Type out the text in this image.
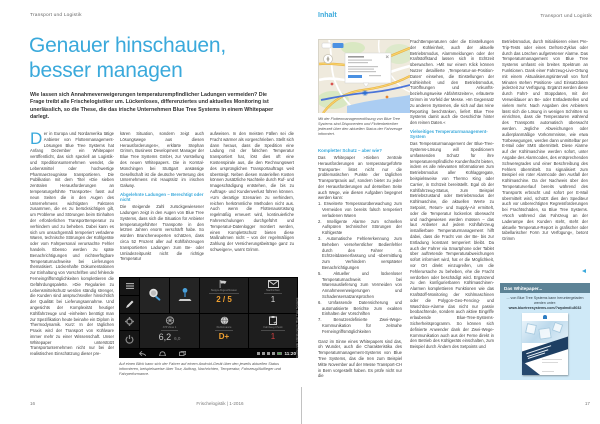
Transport und Logistik
Genauer hinschauen,
besser managen
Wie lassen sich Annahmeverweigerungen temperaturempfindlicher Ladungen vermeiden? Die Frage treibt alle Frischelogistiker um. Lückenloses, differenziertes und aktuelles Monitoring ist unerlässlich, so die These, die das irische Unternehmen Blue Tree Systems in einem Whitepaper darlegt.
Der in Europa und Nordamerika tätige Anbieter von Flottenmanagement-Lösungen Blue Tree Systems hat Anfang Dezember ein Whitepaper veröffentlicht, das sich speziell an Logistik- und Speditionsunternehmen wendet, die Lebensmittel oder hochwertige Pharmaerzeugnisse transportieren. Die Publikation mit dem Titel »Die sieben zentralen Herausforderungen an temperaturgeführte Transporte« fasst auf neun Seiten die in den Augen des Unternehmens wichtigsten Faktoren zusammen, die es zu berücksichtigen gilt, um Probleme und Störungen beim Einhalten der erforderlichen Transporttemperatur zu verhindern und zu beheben. Dabei kann es sich um unsachgemäß temperiert verladene Waren, technische Störungen der Kühlgeräte oder vom Fahrpersonal verursachte Fehler handeln. Ebenso werden zu späte Benachrichtigungen und nichtverfügbare Temperaturnachweise bei Lieferungen thematisiert. Lückenhafte Dokumentationen zur Einhaltung von Vorschriften und fehlende Ferneingriffsmöglichkeiten komplettieren die Gefährdungspalette. »Die Regularien zu Lebensmittelschutz werden ständig strenger, die Kunden sind anspruchsvoller hinsichtlich der Qualität bei Lieferungsannahme. Und angesichts der Komplexität heutiger Kühlfahrzeuge und -einheiten benötigt man zur Spezifikation heute beinahe ein Diplom in Thermodynamik. Kurz: In der täglichen Praxis wird der Transport von Kühlware immer mehr zu einer Wissenschaft. Unser Whitepaper unterstützt Transportunternehmen nicht nur bei der realistischen Einschätzung dieser pre-
kären Situation, sondern zeigt auch Lösungswege aus diesen Herausforderungen«, erklärte Stephan Grimm, Business Development Manager der Blue Tree Systems GmbH, zur Vorstellung des neuen Whitepapers. Die in Korntal-Münchingen bei Stuttgart ansässige Gesellschaft ist die deutsche Vertretung des Unternehmens mit Hauptsitz im irischen Galway.
Abgelehnte Ladungen – Berechtigt oder nicht
Die steigende Zahl zurückgewiesener Ladungen zeigt in den Augen von Blue Tree Systems, dass sich die Situation für Anbieter temperaturgeführter Transporte in den letzten Jahren enorm verschärft habe. So würden Branchenexperten schätzen, dass circa 52 Prozent aller auf Kühlfahrzeugen transportierten Ladungen zum Be- oder Umladezeitpunkt nicht die richtige Temperatur
aufweisen. In den meisten Fällen sei die Fracht wärmer als vorgeschrieben. Stellt sich dann heraus, dass die Spedition eine Ladung mit der falschen Temperatur transportiert hat, löst dies oft eine Kostenspirale aus, die den Rechnungswert des ursprünglichen Transportauftrags weit übersteigt. Neben diesen materiellen Kosten können zusätzliche Nachteile durch Ruf- und Imageschädigung entstehen, die bis zu Auftrags- und Kundenverlust führen können. »Um derartige Szenarien zu verhindern, reichen herkömmliche Methoden nicht aus. Auch wenn die Flottenausrüstung regelmäßig erneuert wird, kontinuierliche Fahrerschulungen durchgeführt und Temperatur-Datenlogger montiert werden, einen Komplettschutz bieten diese Maßnahmen nicht – von der regelmäßigen Zahlung der Versicherungsbeiträge ganz zu schweigen«, warnt Grimm.
Stopps Abgeschlossen
2 / 5
Nachrichten
1
ATP Zone 1
6,2 6,0
Performance
D+
Fahrzeug Check
1
11:20 Quelle (alle Abbildungen): Blue Tree Systems
Auf einen Blick kann sich der Fahrer auf einem Android-Gerät über den jeweils aktuellen Status informieren, beispielsweise über Tour, Auftrag, Nachrichten, Temperatur, Fahrzeug/Auflieger und Fahrperformance.
16
Inhalt	Transport und Logistik
Mit der Flottenmanagementlösung von Blue Tree Systems sind Disponenten und Flottenbetreiber jederzeit über den aktuellen Status der Fahrzeuge informiert.
Kompletter Schutz – aber wie?
Das Whitepaper »Sieben zentrale Herausforderungen an temperaturgeführte Transporte« listet nicht nur die problematischen Punkte der täglichen Transportpraxis auf, sondern bietet zu jeder der Herausforderungen auf derselben Seite auch Wege, wie diesen Aufgaben begegnet werden kann:
1. Erweiterte Temperaturüberwachung zum Vermeiden von bereits falsch temperiert verladenen Waren
2. Intelligente Alarme zum schnellen Aufspüren technischer Störungen der Kühlgeräte
3. Automatische Fehlererkennung zum Beheben versehentlicher Bedienfehler durch den Fahrer 4. Echtzeitdatenerfassung und -übermittlung zum Verhindern verspäteter Benachrichtigungen
5. Aktueller und lückenloser Temperaturnachweis bei Warenauslieferung zum Vermeiden von Annahmeverweigerungen und Schadensersatzansprüchen
6. Umfassende Datensicherung und automatisierte Berichte zum exakten Einhalten der Vorschriften
7. Benutzerdefinierte Zwei-Wege-Kommunikation für zeitnahe Ferneingriffsmöglichkeiten
Ganz im Sinne eines Whitepapers sind das, oh Wunder, auch die Charakteristika des Temperaturmanagement-Systems von Blue Tree Systems, das die Iren zum Beispiel Mitte November auf der Messe Transport-CH in Bern vorgestellt haben. Es prüfe nicht nur die
Frachttemperaturen oder die Einstellungen der Kühleinheit, auch der aktuelle Betriebsmodus, Alarmmeldungen oder der Kraftstoffstand lassen sich in Echtzeit überwachen. »Mit nur einem Klick können Nutzer detaillierte ‚Temperatur-an-Position-Daten' einsehen, die Einstellungen der Kühleinheit und den Betriebsmodus, Türöffnungen und Ankunfts- beziehungsweise Abfahrtszeiten«, erläuterte Grimm im Vorfeld der Messe. »Im Gegensatz zu anderen Systemen, die sich auf das reine Reporting beschränken, liefert Blue Tree Systems damit auch die Geschichte hinter den reinen Daten.«
Vielseitiges Temperaturmanagement-System
Das Temperaturmanagement der Blue-Tree-Systems-Lösung will Speditionern umfassenden Schutz für ihre temperaturempfindliche Kundenfracht bieten, indem es alle relevanten Informationen zum Betriebsmodus aller Kühlaggregate, beispielsweise von Thermo King oder Carrier, in Echtzeit bereitstellt. Egal ob der Kühlfahrzeug-Status, zum Beispiel Betriebszustand oder Betriebsmodus der Kühlmaschine, die aktuellen Werte zu Setpoint, Return- und Supply-Air ermittelt, oder die Temperatur lückenlos überwacht und nachgewiesen werden müssen – das laut Anbieter auf jedem Kühlfahrzeug installierbare Temperaturmanagement hilft dabei, dass die Fracht von der Be- bis zur Entladung konstant temperiert bleibt. Da auch der Fahrer via Smartphone oder Tablet über auftretende Temperaturabweichungen sofort informiert wird, hat er die Möglichkeit, vor Ort direkt einzugreifen, um die Fehlerursache zu beheben, ehe die Fracht verdorben oder beschädigt wird. Ergänzend zu den konfigurierbaren Kühlmaschinen-Alarmen komplettieren Funktionen wie das Kraftstoff-Monitoring der Kühlmaschinen oder die Polygon-Geo-Fencing- und Waschbox-Alarme das nicht nur passiv beobachtende, sondern auch aktive Eingriffe erlaubende Blue-Tree-Systems-Sicherheitsprogramm. So können sich definierte Anwender dank der Zwei-Wege-Kommunikation auch aus der Ferne direkt in den Betrieb des Kühlgeräts einschalten, zum Beispiel durch Ändern des Setpoints und
Betriebsmodus, durch Initialisieren eines Pre-Trip-Tests oder eines Defrost-Zyklus oder durch das Löschen aufgetretener Alarme. Das Temperaturmanagement von Blue Tree Systems umfasst ein breites Spektrum an Funktionen. Dank einer Fahrzeug-Live-Ortung mit einem Aktualisierungsintervall von fünf Minuten stehen Positions- und Einsatzdaten jederzeit zur Verfügung. Ergänzt werden diese durch Fahrt- und Stoppdaten, mit der Verweildauer an Be- oder Entladestellen und vielem mehr. Nach Angaben des Anbieters lässt sich die Lösung in wenigen Schritten so einrichten, dass die Temperaturen während des Transports automatisch überwacht werden. Jegliche Abweichungen oder außerplanmäßige Vorkommnisse, wie etwa Türbewegungen, werden dann unmittelbar per E-Mail oder SMS übermittelt. Diese Alarme auf der Kühlmaschine werden sofort, unter Angabe des Alarmcodes, des entsprechenden Schweregrades und einer Beschreibung des Fehlers übermittelt. So signalisiert zum Beispiel ein roter Alarmcode den Ausfall der Kühlmaschine. Da der Nachweis über den Temperaturverlauf bereits während des Transports erbracht und sofort per E-Mail übermittelt wird, schützt dies den Spediteur auch vor unberechtigten Regressforderungen bei Frachtschäden, so Blue Tree Systems. »Noch während das Fahrzeug an der Laderampe des Kunden steht, steht der aktuelle Temperatur-Report in grafischer oder tabellarischer Form zur Verfügung«, betont Grimm
Das Whitepaper...
... von Blue Tree Systems kann heruntergeladen werden unter:
www.bluetreesystems.com/?wpdmdl=8032
17
Frischelogistik | 1-2016
